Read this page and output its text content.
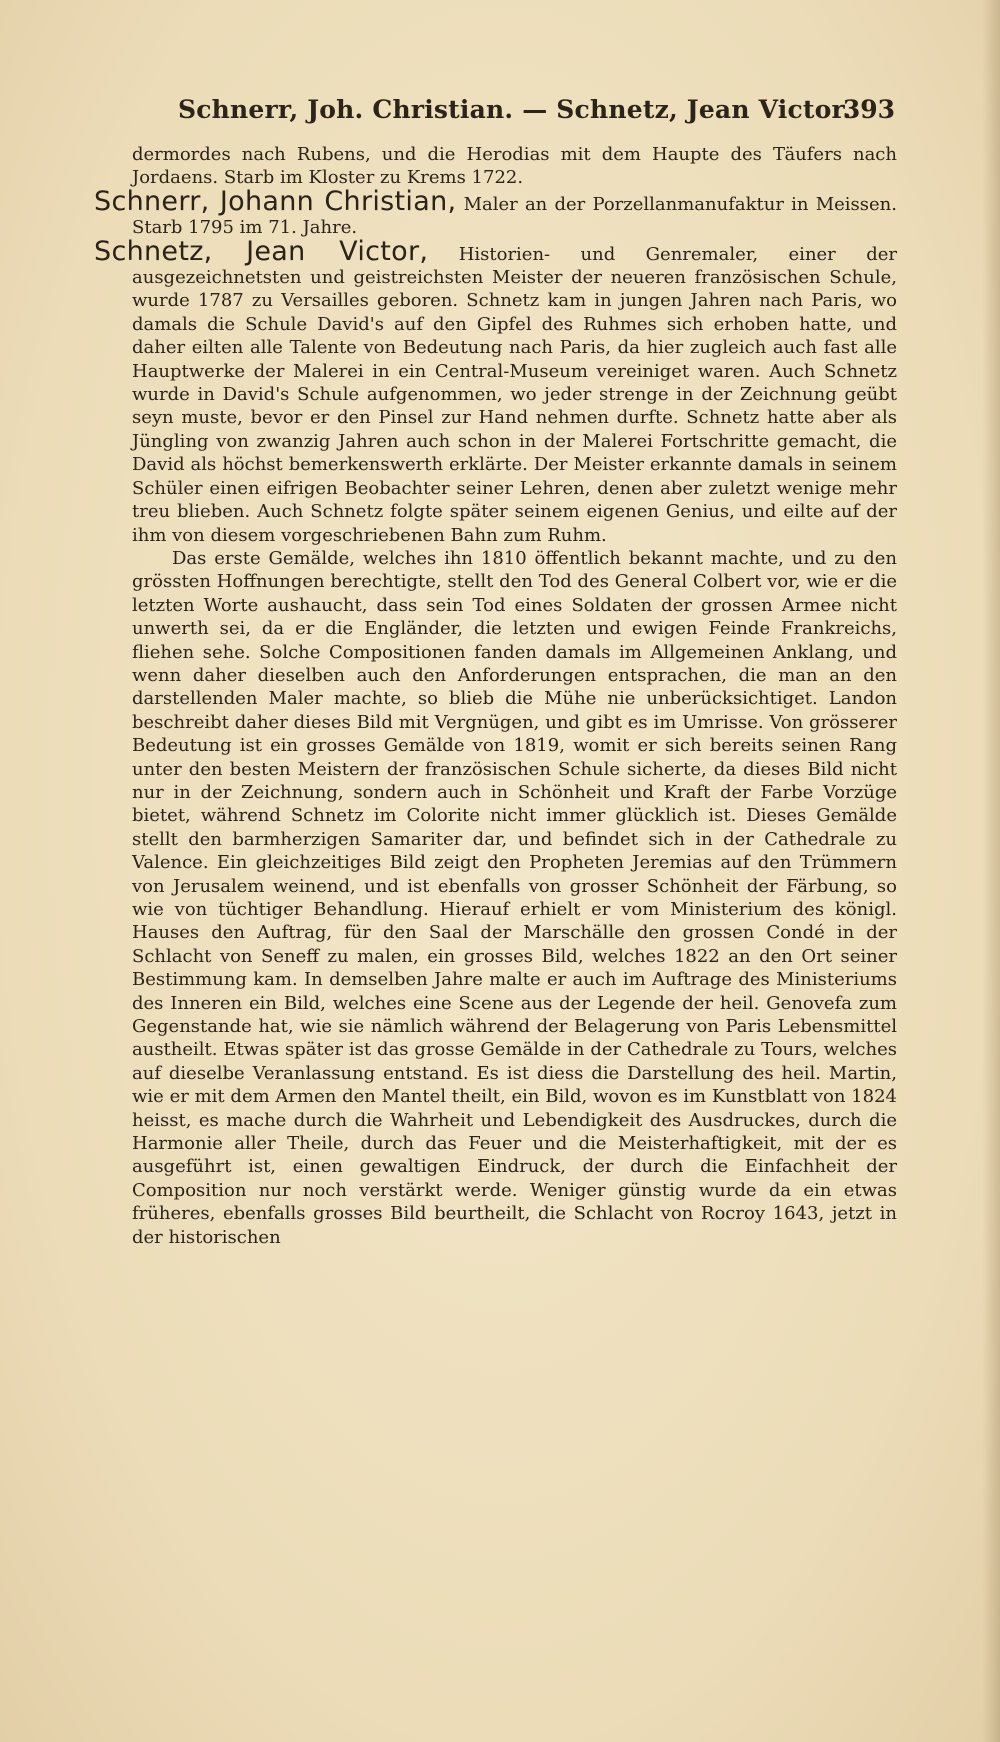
Schnerr, Joh. Christian. — Schnetz, Jean Victor.
393

dermordes nach Rubens, und die Herodias mit dem Haupte des Täufers nach Jordaens. Starb im Kloster zu Krems 1722.

Schnerr, Johann Christian, Maler an der Porzellanmanufaktur in Meissen. Starb 1795 im 71. Jahre.

Schnetz, Jean Victor, Historien- und Genremaler, einer der ausgezeichnetsten und geistreichsten Meister der neueren französischen Schule, wurde 1787 zu Versailles geboren. Schnetz kam in jungen Jahren nach Paris, wo damals die Schule David's auf den Gipfel des Ruhmes sich erhoben hatte, und daher eilten alle Talente von Bedeutung nach Paris, da hier zugleich auch fast alle Hauptwerke der Malerei in ein Central-Museum vereiniget waren. Auch Schnetz wurde in David's Schule aufgenommen, wo jeder strenge in der Zeichnung geübt seyn muste, bevor er den Pinsel zur Hand nehmen durfte. Schnetz hatte aber als Jüngling von zwanzig Jahren auch schon in der Malerei Fortschritte gemacht, die David als höchst bemerkenswerth erklärte. Der Meister erkannte damals in seinem Schüler einen eifrigen Beobachter seiner Lehren, denen aber zuletzt wenige mehr treu blieben. Auch Schnetz folgte später seinem eigenen Genius, und eilte auf der ihm von diesem vorgeschriebenen Bahn zum Ruhm.

Das erste Gemälde, welches ihn 1810 öffentlich bekannt machte, und zu den grössten Hoffnungen berechtigte, stellt den Tod des General Colbert vor, wie er die letzten Worte aushaucht, dass sein Tod eines Soldaten der grossen Armee nicht unwerth sei, da er die Engländer, die letzten und ewigen Feinde Frankreichs, fliehen sehe. Solche Compositionen fanden damals im Allgemeinen Anklang, und wenn daher dieselben auch den Anforderungen entsprachen, die man an den darstellenden Maler machte, so blieb die Mühe nie unberücksichtiget. Landon beschreibt daher dieses Bild mit Vergnügen, und gibt es im Umrisse. Von grösserer Bedeutung ist ein grosses Gemälde von 1819, womit er sich bereits seinen Rang unter den besten Meistern der französischen Schule sicherte, da dieses Bild nicht nur in der Zeichnung, sondern auch in Schönheit und Kraft der Farbe Vorzüge bietet, während Schnetz im Colorite nicht immer glücklich ist. Dieses Gemälde stellt den barmherzigen Samariter dar, und befindet sich in der Cathedrale zu Valence. Ein gleichzeitiges Bild zeigt den Propheten Jeremias auf den Trümmern von Jerusalem weinend, und ist ebenfalls von grosser Schönheit der Färbung, so wie von tüchtiger Behandlung. Hierauf erhielt er vom Ministerium des königl. Hauses den Auftrag, für den Saal der Marschälle den grossen Condé in der Schlacht von Seneff zu malen, ein grosses Bild, welches 1822 an den Ort seiner Bestimmung kam. In demselben Jahre malte er auch im Auftrage des Ministeriums des Inneren ein Bild, welches eine Scene aus der Legende der heil. Genovefa zum Gegenstande hat, wie sie nämlich während der Belagerung von Paris Lebensmittel austheilt. Etwas später ist das grosse Gemälde in der Cathedrale zu Tours, welches auf dieselbe Veranlassung entstand. Es ist diess die Darstellung des heil. Martin, wie er mit dem Armen den Mantel theilt, ein Bild, wovon es im Kunstblatt von 1824 heisst, es mache durch die Wahrheit und Lebendigkeit des Ausdruckes, durch die Harmonie aller Theile, durch das Feuer und die Meisterhaftigkeit, mit der es ausgeführt ist, einen gewaltigen Eindruck, der durch die Einfachheit der Composition nur noch verstärkt werde. Weniger günstig wurde da ein etwas früheres, ebenfalls grosses Bild beurtheilt, die Schlacht von Rocroy 1643, jetzt in der historischen
